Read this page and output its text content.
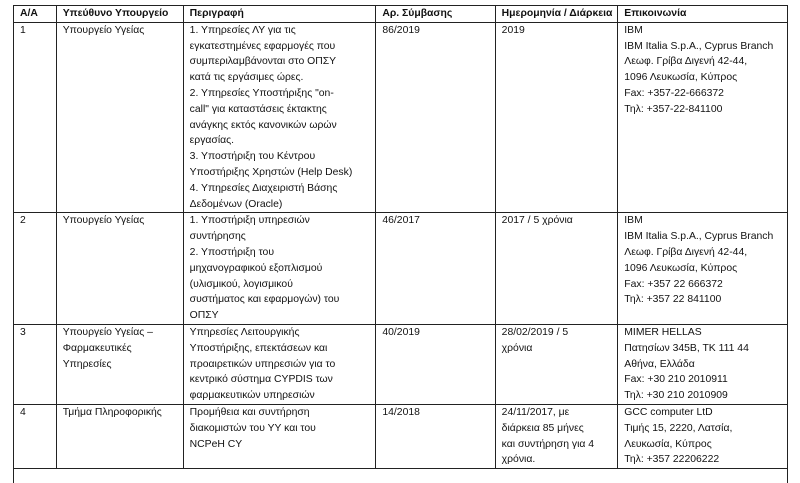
Α/Α	Υπεύθυνο Υπουργείο	Περιγραφή	Αρ. Σύμβασης	Ημερομηνία / Διάρκεια	Επικοινωνία
1	Υπουργείο Υγείας	1. Υπηρεσίες ΛΥ για τις
εγκατεστημένες εφαρμογές που
συμπεριλαμβάνονται στο ΟΠΣΥ
κατά τις εργάσιμες ώρες.
2. Υπηρεσίες Υποστήριξης "on-
call" για καταστάσεις έκτακτης
ανάγκης εκτός κανονικών ωρών
εργασίας.
3. Υποστήριξη του Κέντρου
Υποστήριξης Χρηστών (Help Desk)
4. Υπηρεσίες Διαχειριστή Βάσης
Δεδομένων (Oracle)
	86/2019	2019	IBM
IBM Italia S.p.A., Cyprus Branch
Λεωφ. Γρίβα Διγενή 42-44,
1096 Λευκωσία, Κύπρος
Fax: +357-22-666372
Τηλ: +357-22-841100

2	Υπουργείο Υγείας	1. Υποστήριξη υπηρεσιών
συντήρησης
2. Υποστήριξη του
μηχανογραφικού εξοπλισμού
(υλισμικού, λογισμικού
συστήματος και εφαρμογών) του
ΟΠΣΥ
	46/2017	2017 / 5 χρόνια	IBM
IBM Italia S.p.A., Cyprus Branch
Λεωφ. Γρίβα Διγενή 42-44,
1096 Λευκωσία, Κύπρος
Fax: +357 22 666372
Τηλ: +357 22 841100

3	Υπουργείο Υγείας –
Φαρμακευτικές
Υπηρεσίες	Υπηρεσίες Λειτουργικής
Υποστήριξης, επεκτάσεων και
προαιρετικών υπηρεσιών για το
κεντρικό σύστημα CYPDIS των
φαρμακευτικών υπηρεσιών	40/2019	28/02/2019 / 5
χρόνια	MIMER HELLAS
Πατησίων 345Β, ΤΚ 111 44
Αθήνα, Ελλάδα
Fax: +30 210 2010911
Τηλ: +30 210 2010909

4	Τμήμα Πληροφορικής	Προμήθεια και συντήρηση
διακομιστών του ΥΥ και του
NCPeH CY	14/2018	24/11/2017, με
διάρκεια 85 μήνες
και συντήρηση για 4
χρόνια.	GCC computer LtD
Τιμής 15, 2220, Λατσία,
Λευκωσία, Κύπρος
Τηλ: +357 22206222
